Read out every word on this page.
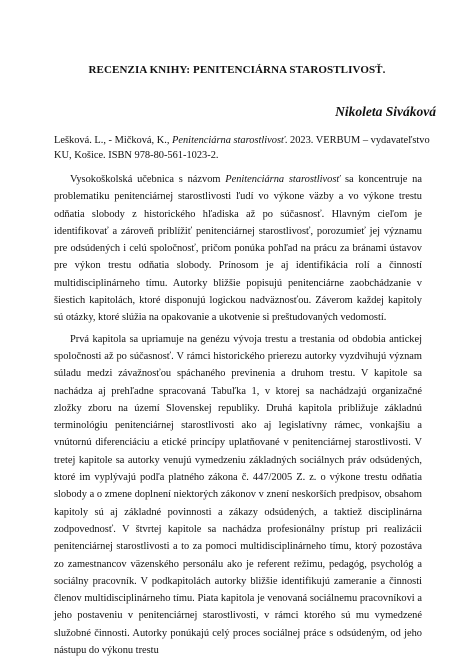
RECENZIA KNIHY: PENITENCIÁRNA STAROSTLIVOSŤ.
Nikoleta Siváková
Lešková. L., - Mičková, K., Penitenciárna starostlivosť. 2023. VERBUM – vydavateľstvo KU, Košice. ISBN 978-80-561-1023-2.

Vysokoškolská učebnica s názvom Penitenciárna starostlivosť sa koncentruje na problematiku penitenciárnej starostlivosti ľudí vo výkone väzby a vo výkone trestu odňatia slobody z historického hľadiska až po súčasnosť. Hlavným cieľom je identifikovať a zároveň priblížiť penitenciárnej starostlivosť, porozumieť jej významu pre odsúdených i celú spoločnosť, pričom ponúka pohľad na prácu za bránami ústavov pre výkon trestu odňatia slobody. Prínosom je aj identifikácia rolí a činností multidisciplinárneho tímu. Autorky bližšie popisujú penitenciárne zaobchádzanie v šiestich kapitolách, ktoré disponujú logickou nadväznosťou. Záverom každej kapitoly sú otázky, ktoré slúžia na opakovanie a ukotvenie si preštudovaných vedomostí.

Prvá kapitola sa upriamuje na genézu vývoja trestu a trestania od obdobia antickej spoločnosti až po súčasnosť. V rámci historického prierezu autorky vyzdvihujú význam súladu medzi závažnosťou spáchaného previnenia a druhom trestu. V kapitole sa nachádza aj prehľadne spracovaná Tabuľka 1, v ktorej sa nachádzajú organizačné zložky zboru na území Slovenskej republiky. Druhá kapitola približuje základnú terminológiu penitenciárnej starostlivosti ako aj legislatívny rámec, vonkajšiu a vnútornú diferenciáciu a etické princípy uplatňované v penitenciárnej starostlivosti. V tretej kapitole sa autorky venujú vymedzeniu základných sociálnych práv odsúdených, ktoré im vyplývajú podľa platného zákona č. 447/2005 Z. z. o výkone trestu odňatia slobody a o zmene doplnení niektorých zákonov v znení neskorších predpisov, obsahom kapitoly sú aj základné povinnosti a zákazy odsúdených, a taktiež disciplinárna zodpovednosť. V štvrtej kapitole sa nachádza profesionálny prístup pri realizácii penitenciárnej starostlivosti a to za pomoci multidisciplinárneho tímu, ktorý pozostáva zo zamestnancov väzenského personálu ako je referent režimu, pedagóg, psychológ a sociálny pracovník. V podkapitolách autorky bližšie identifikujú zameranie a činnosti členov multidisciplinárneho tímu. Piata kapitola je venovaná sociálnemu pracovníkovi a jeho postaveniu v penitenciárnej starostlivosti, v rámci ktorého sú mu vymedzené služobné činnosti. Autorky ponúkajú celý proces sociálnej práce s odsúdeným, od jeho nástupu do výkonu trestu
